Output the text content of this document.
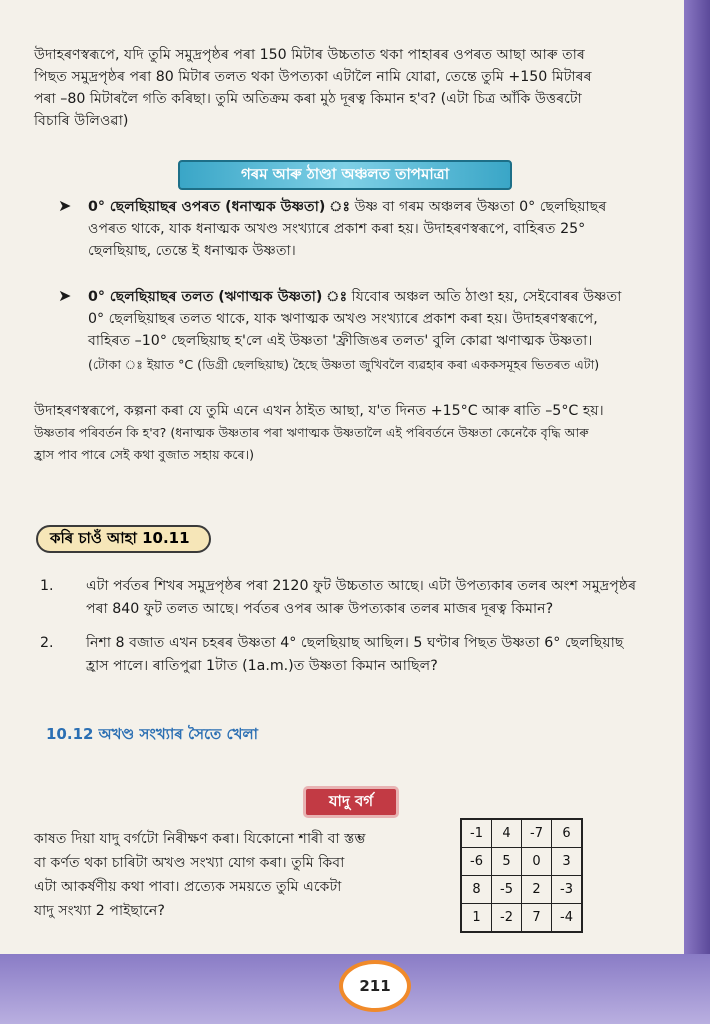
উদাহৰণস্বৰূপে, যদি তুমি সমুদ্ৰপৃষ্ঠৰ পৰা 150 মিটাৰ উচ্চতাত থকা পাহাৰৰ ওপৰত আছা আৰু তাৰ
পিছত সমুদ্ৰপৃষ্ঠৰ পৰা 80 মিটাৰ তলত থকা উপত্যকা এটালৈ নামি যোৱা, তেন্তে তুমি +150 মিটাৰৰ
পৰা –80 মিটাৰলৈ গতি কৰিছা। তুমি অতিক্ৰম কৰা মুঠ দূৰত্ব কিমান হ'ব? (এটা চিত্ৰ আঁকি উত্তৰটো
বিচাৰি উলিওৱা)
গৰম আৰু ঠাণ্ডা অঞ্চলত তাপমাত্ৰা
➤ 0° ছেলছিয়াছৰ ওপৰত (ধনাত্মক উষ্ণতা) ঃ উষ্ণ বা গৰম অঞ্চলৰ উষ্ণতা 0° ছেলছিয়াছৰ
ওপৰত থাকে, যাক ধনাত্মক অখণ্ড সংখ্যাৰে প্ৰকাশ কৰা হয়। উদাহৰণস্বৰূপে, বাহিৰত 25°
ছেলছিয়াছ, তেন্তে ই ধনাত্মক উষ্ণতা।
➤ 0° ছেলছিয়াছৰ তলত (ঋণাত্মক উষ্ণতা) ঃ যিবোৰ অঞ্চল অতি ঠাণ্ডা হয়, সেইবোৰৰ উষ্ণতা
0° ছেলছিয়াছৰ তলত থাকে, যাক ঋণাত্মক অখণ্ড সংখ্যাৰে প্ৰকাশ কৰা হয়। উদাহৰণস্বৰূপে,
বাহিৰত –10° ছেলছিয়াছ হ'লে এই উষ্ণতা 'ফ্ৰীজিঙৰ তলত' বুলি কোৱা ঋণাত্মক উষ্ণতা।
(টোকা ঃ ইয়াত °C (ডিগ্ৰী ছেলছিয়াছ) হৈছে উষ্ণতা জুখিবলৈ ব্যৱহাৰ কৰা এককসমূহৰ ভিতৰত এটা)
উদাহৰণস্বৰূপে, কল্পনা কৰা যে তুমি এনে এখন ঠাইত আছা, য'ত দিনত +15°C আৰু ৰাতি –5°C হয়।
উষ্ণতাৰ পৰিবৰ্তন কি হ'ব? (ধনাত্মক উষ্ণতাৰ পৰা ঋণাত্মক উষ্ণতালৈ এই পৰিবৰ্তনে উষ্ণতা কেনেকৈ বৃদ্ধি আৰু
হ্ৰাস পাব পাৰে সেই কথা বুজাত সহায় কৰে।)
কৰি চাওঁ আহা 10.11
1. এটা পৰ্বতৰ শিখৰ সমুদ্ৰপৃষ্ঠৰ পৰা 2120 ফুট উচ্চতাত আছে। এটা উপত্যকাৰ তলৰ অংশ সমুদ্ৰপৃষ্ঠৰ
পৰা 840 ফুট তলত আছে। পৰ্বতৰ ওপৰ আৰু উপত্যকাৰ তলৰ মাজৰ দূৰত্ব কিমান?
2. নিশা 8 বজাত এখন চহৰৰ উষ্ণতা 4° ছেলছিয়াছ আছিল। 5 ঘণ্টাৰ পিছত উষ্ণতা 6° ছেলছিয়াছ
হ্ৰাস পালে। ৰাতিপুৱা 1টাত (1a.m.)ত উষ্ণতা কিমান আছিল?
10.12 অখণ্ড সংখ্যাৰ সৈতে খেলা
যাদু বৰ্গ
কাষত দিয়া যাদু বৰ্গটো নিৰীক্ষণ কৰা। যিকোনো শাৰী বা স্তম্ভ
বা কৰ্ণত থকা চাৰিটা অখণ্ড সংখ্যা যোগ কৰা। তুমি কিবা
এটা আকৰ্ষণীয় কথা পাবা। প্ৰত্যেক সময়তে তুমি একেটা
যাদু সংখ্যা 2 পাইছানে?
-1	4	-7	6
-6	5	0	3
8	-5	2	-3
1	-2	7	-4
211
